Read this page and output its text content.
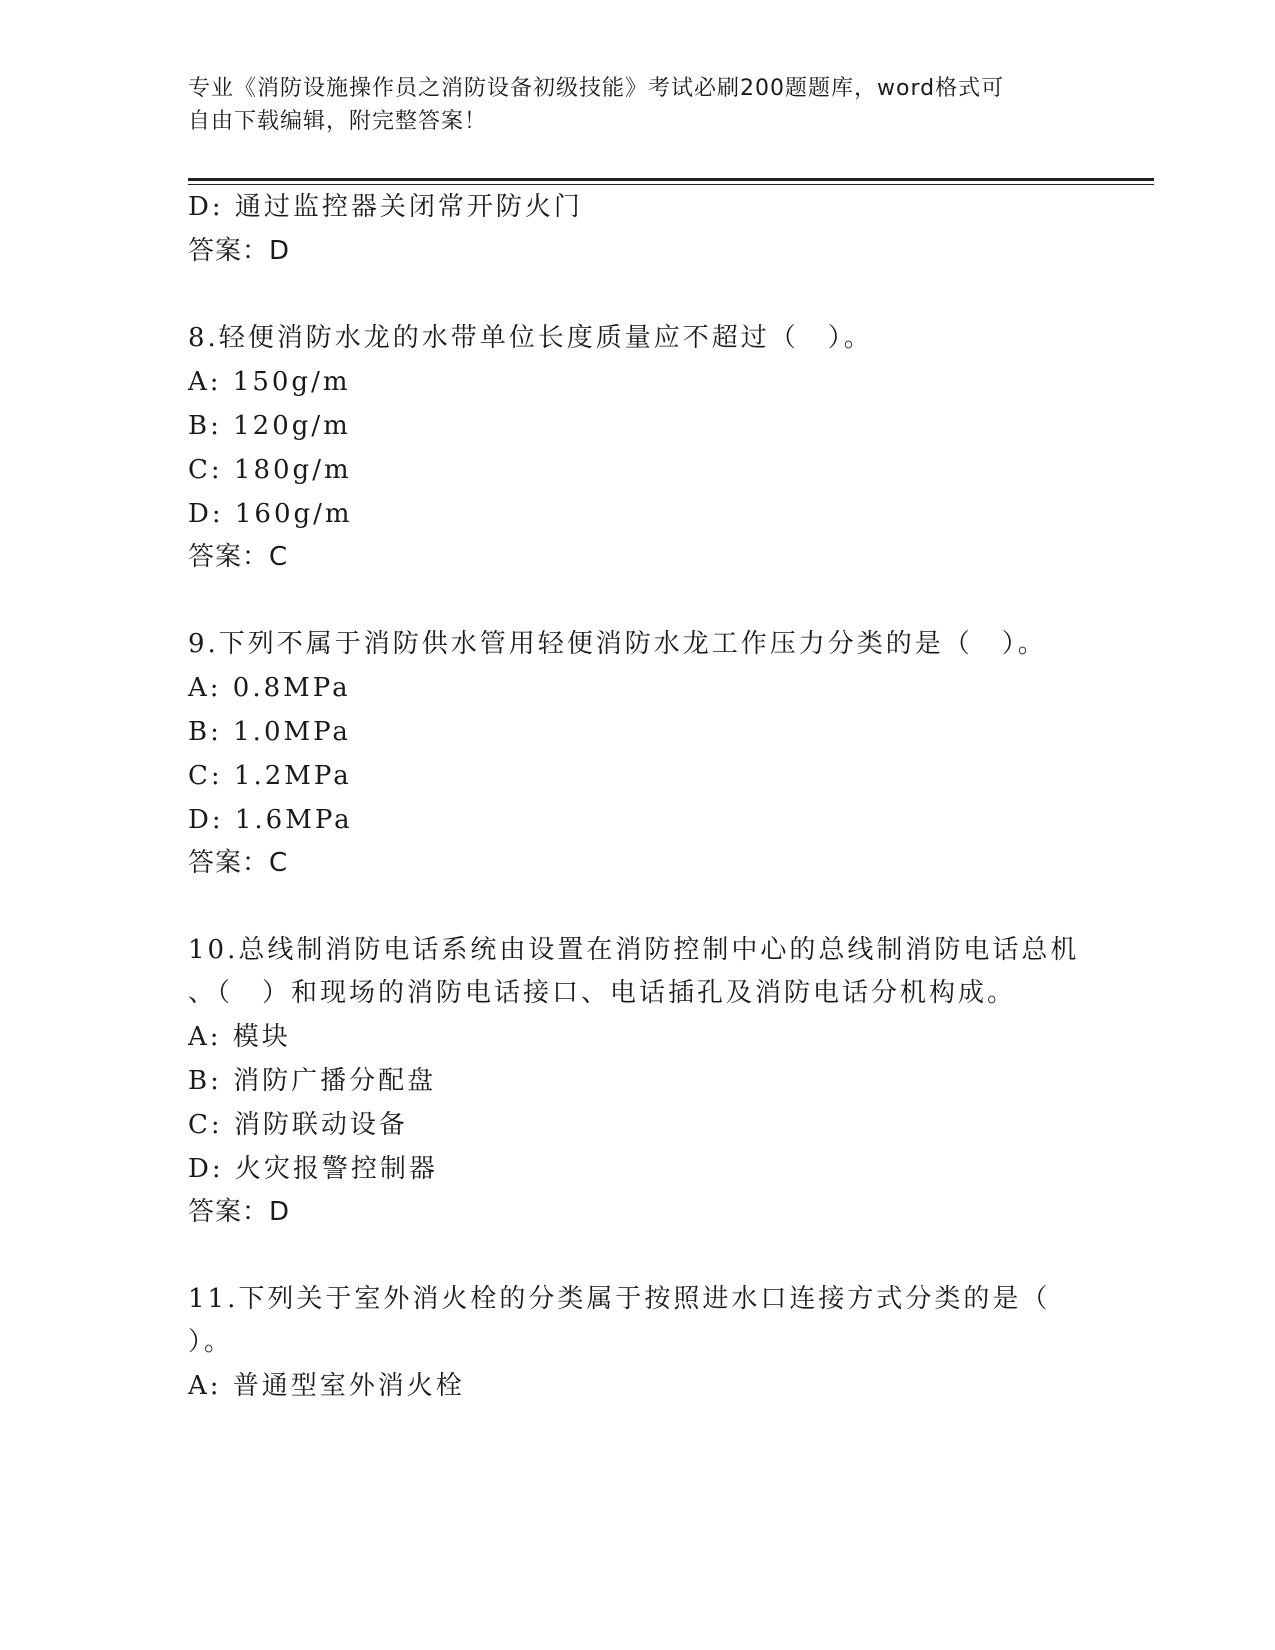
专业《消防设施操作员之消防设备初级技能》考试必刷200题题库，word格式可
自由下载编辑，附完整答案！
D: 通过监控器关闭常开防火门
答案：D
8.轻便消防水龙的水带单位长度质量应不超过（　）。
A: 150g/m
B: 120g/m
C: 180g/m
D: 160g/m
答案：C
9.下列不属于消防供水管用轻便消防水龙工作压力分类的是（　）。
A: 0.8MPa
B: 1.0MPa
C: 1.2MPa
D: 1.6MPa
答案：C
10.总线制消防电话系统由设置在消防控制中心的总线制消防电话总机
、（　）和现场的消防电话接口、电话插孔及消防电话分机构成。
A: 模块
B: 消防广播分配盘
C: 消防联动设备
D: 火灾报警控制器
答案：D
11.下列关于室外消火栓的分类属于按照进水口连接方式分类的是（
）。
A: 普通型室外消火栓
